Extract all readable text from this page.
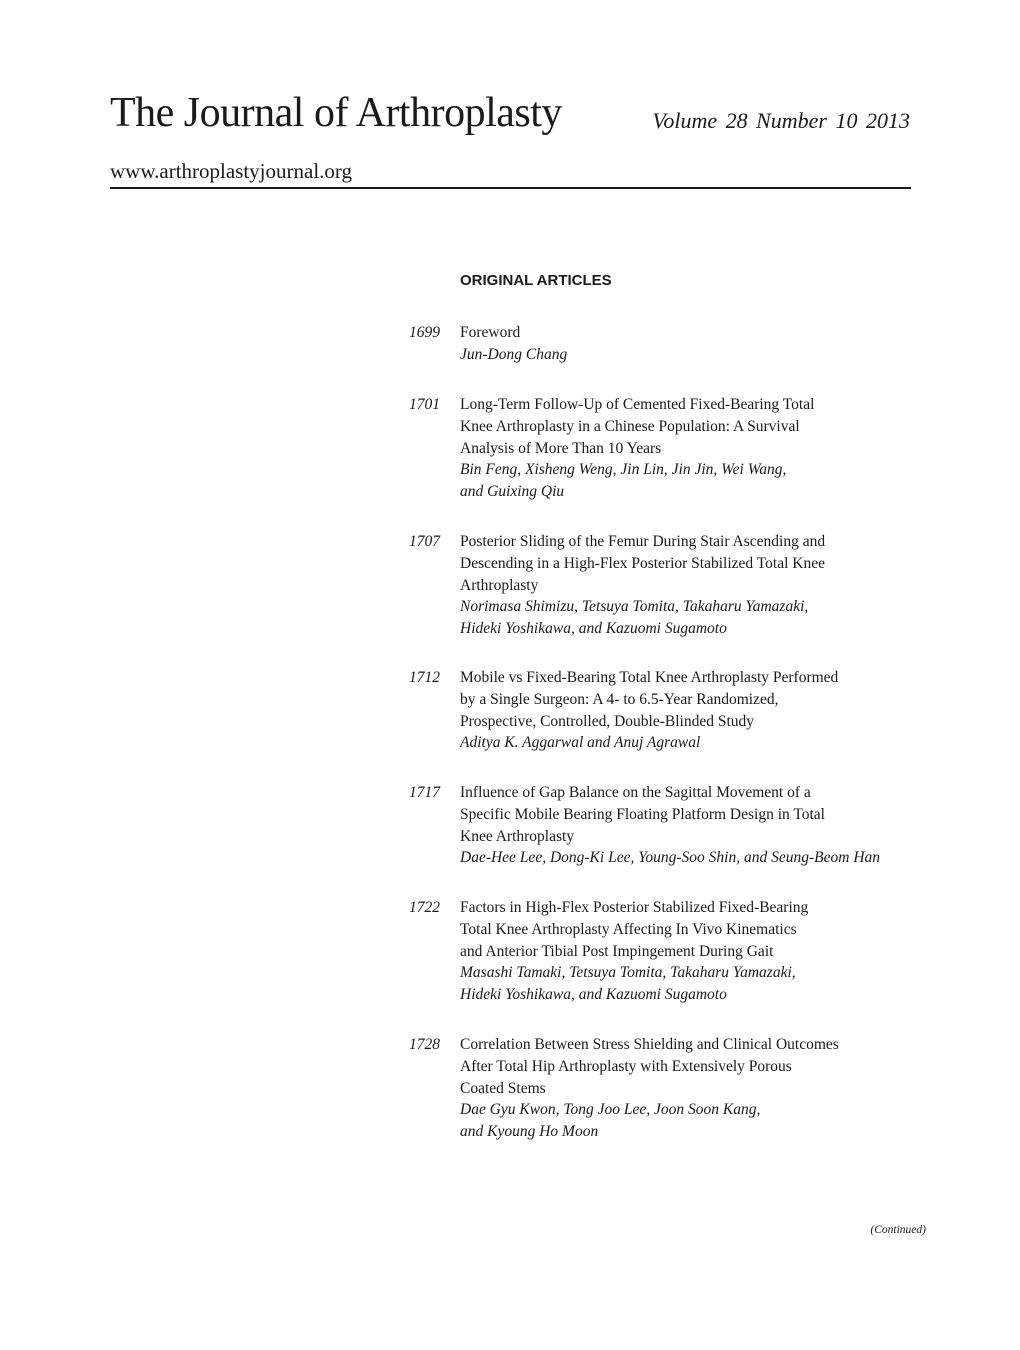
The Journal of Arthroplasty	Volume 28 Number 10 2013
www.arthroplastyjournal.org
ORIGINAL ARTICLES
1699 Foreword
Jun-Dong Chang
1701 Long-Term Follow-Up of Cemented Fixed-Bearing Total
Knee Arthroplasty in a Chinese Population: A Survival
Analysis of More Than 10 Years
Bin Feng, Xisheng Weng, Jin Lin, Jin Jin, Wei Wang,
and Guixing Qiu
1707 Posterior Sliding of the Femur During Stair Ascending and
Descending in a High-Flex Posterior Stabilized Total Knee
Arthroplasty
Norimasa Shimizu, Tetsuya Tomita, Takaharu Yamazaki,
Hideki Yoshikawa, and Kazuomi Sugamoto
1712 Mobile vs Fixed-Bearing Total Knee Arthroplasty Performed
by a Single Surgeon: A 4- to 6.5-Year Randomized,
Prospective, Controlled, Double-Blinded Study
Aditya K. Aggarwal and Anuj Agrawal
1717 Influence of Gap Balance on the Sagittal Movement of a
Specific Mobile Bearing Floating Platform Design in Total
Knee Arthroplasty
Dae-Hee Lee, Dong-Ki Lee, Young-Soo Shin, and Seung-Beom Han
1722 Factors in High-Flex Posterior Stabilized Fixed-Bearing
Total Knee Arthroplasty Affecting In Vivo Kinematics
and Anterior Tibial Post Impingement During Gait
Masashi Tamaki, Tetsuya Tomita, Takaharu Yamazaki,
Hideki Yoshikawa, and Kazuomi Sugamoto
1728 Correlation Between Stress Shielding and Clinical Outcomes
After Total Hip Arthroplasty with Extensively Porous
Coated Stems
Dae Gyu Kwon, Tong Joo Lee, Joon Soon Kang,
and Kyoung Ho Moon
(Continued)
